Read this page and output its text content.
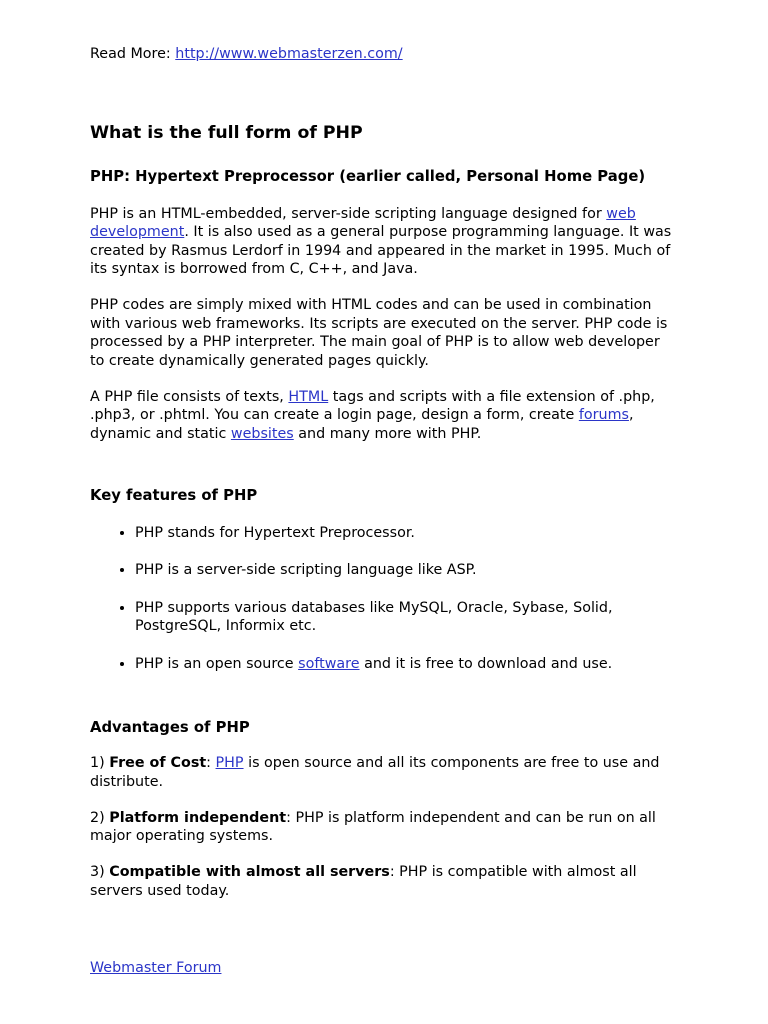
Read More: http://www.webmasterzen.com/

What is the full form of PHP
PHP: Hypertext Preprocessor (earlier called, Personal Home Page)

PHP is an HTML-embedded, server-side scripting language designed for web development. It is also used as a general purpose programming language. It was created by Rasmus Lerdorf in 1994 and appeared in the market in 1995. Much of its syntax is borrowed from C, C++, and Java.

PHP codes are simply mixed with HTML codes and can be used in combination with various web frameworks. Its scripts are executed on the server. PHP code is processed by a PHP interpreter. The main goal of PHP is to allow web developer to create dynamically generated pages quickly.

A PHP file consists of texts, HTML tags and scripts with a file extension of .php, .php3, or .phtml. You can create a login page, design a form, create forums, dynamic and static websites and many more with PHP.

Key features of PHP
• PHP stands for Hypertext Preprocessor.
• PHP is a server-side scripting language like ASP.
• PHP supports various databases like MySQL, Oracle, Sybase, Solid, PostgreSQL, Informix etc.
• PHP is an open source software and it is free to download and use.
Advantages of PHP

1) Free of Cost: PHP is open source and all its components are free to use and distribute.

2) Platform independent: PHP is platform independent and can be run on all major operating systems.

3) Compatible with almost all servers: PHP is compatible with almost all servers used today.

Webmaster Forum
